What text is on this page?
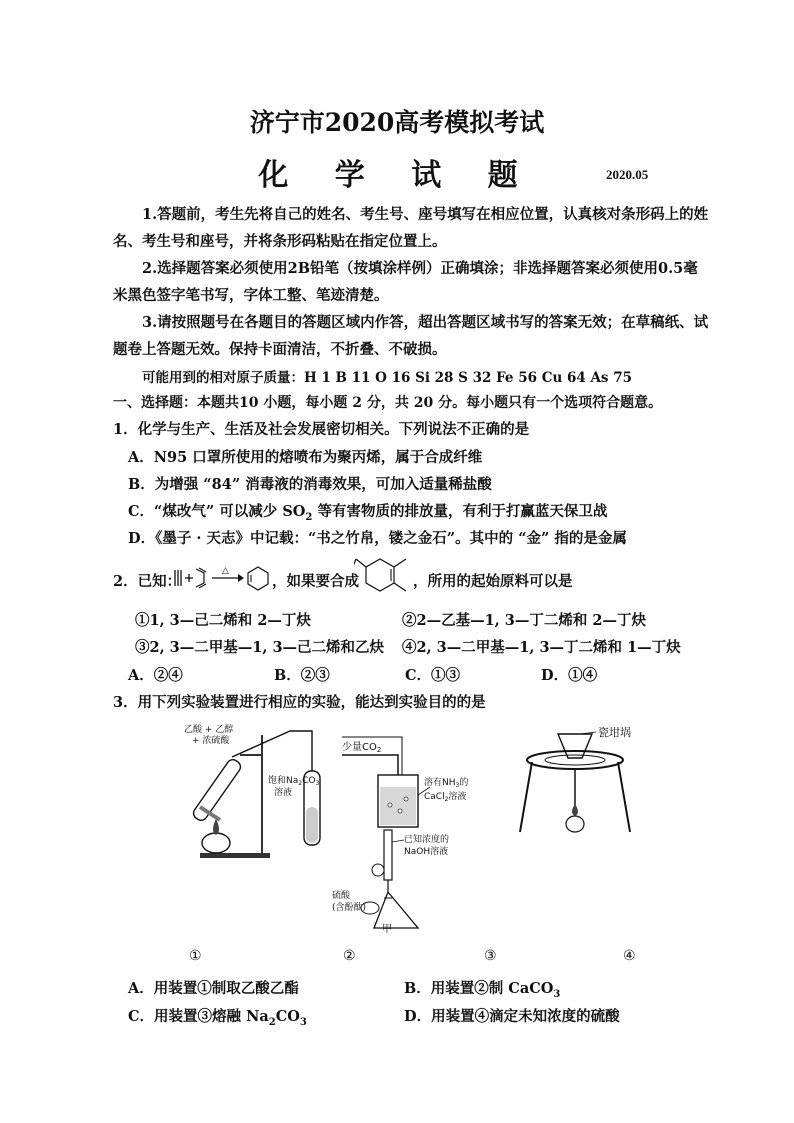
济宁市2020高考模拟考试
化 学 试 题	2020.05
1.答题前，考生先将自己的姓名、考生号、座号填写在相应位置，认真核对条形码上的姓
名、考生号和座号，并将条形码粘贴在指定位置上。
2.选择题答案必须使用2B铅笔（按填涂样例）正确填涂；非选择题答案必须使用0.5毫
米黑色签字笔书写，字体工整、笔迹清楚。
3.请按照题号在各题目的答题区域内作答，超出答题区域书写的答案无效；在草稿纸、试
题卷上答题无效。保持卡面清洁，不折叠、不破损。
可能用到的相对原子质量：H 1 B 11 O 16 Si 28 S 32 Fe 56 Cu 64 As 75
一、选择题：本题共10 小题，每小题 2 分，共 20 分。每小题只有一个选项符合题意。
1．化学与生产、生活及社会发展密切相关。下列说法不正确的是
A．N95 口罩所使用的熔喷布为聚丙烯，属于合成纤维
B．为增强 “84” 消毒液的消毒效果，可加入适量稀盐酸
C．“煤改气” 可以减少 $SO_2$ 等有害物质的排放量，有利于打赢蓝天保卫战
D．《墨子 · 天志》中记载：“书之竹帛，镂之金石”。其中的 “金” 指的是金属
2．已知：
△
，如果要合成	，所用的起始原料可以是
①1, 3—己二烯和 2—丁炔	②2—乙基—1, 3—丁二烯和 2—丁炔
③2, 3—二甲基—1, 3—己二烯和乙炔 ④2, 3—二甲基—1, 3—丁二烯和 1—丁炔
A．②④	B．②③	C．①③	D．①④
3．用下列实验装置进行相应的实验，能达到实验目的的是
乙酸 + 乙醇
+ 浓硫酸
饱和$Na_2CO_3$
溶液
少量$CO_2$
溶有$NH_3$的
CaCl$_2$溶液
瓷坩埚
已知浓度的
NaOH溶液
硫酸
(含酚酞)
甲
①	②	③	④
A．用装置①制取乙酸乙酯	B．用装置②制 CaCO$_3$
C．用装置③熔融 $Na_2CO_3$	D．用装置④滴定未知浓度的硫酸
